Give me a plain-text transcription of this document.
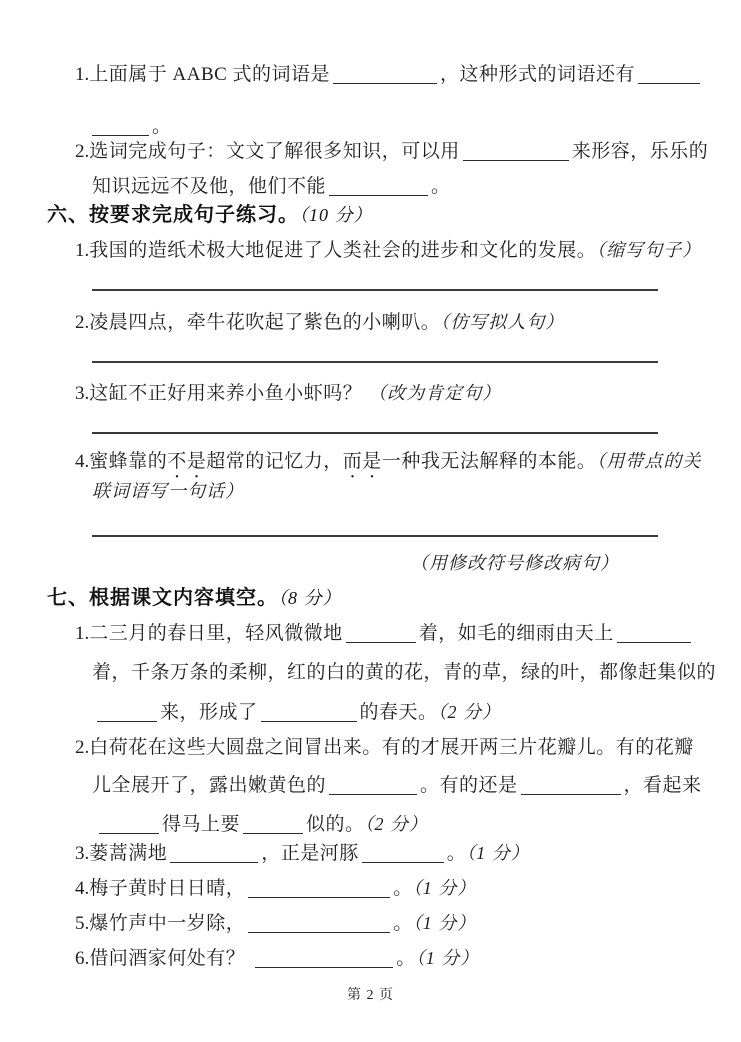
1.上面属于 AABC 式的词语是	，这种形式的词语还有
。
2.选词完成句子：文文了解很多知识，可以用	来形容，乐乐的
知识远远不及他，他们不能	。
六、按要求完成句子练习。（10 分）
1.我国的造纸术极大地促进了人类社会的进步和文化的发展。（缩写句子）
2.凌晨四点，牵牛花吹起了紫色的小喇叭。（仿写拟人句）
3.这缸不正好用来养小鱼小虾吗？ （改为肯定句）
4.蜜蜂靠的不是超常的记忆力，而是一种我无法解释的本能。（用带点的关
联词语写一句话）
（用修改符号修改病句）
七、根据课文内容填空。（8 分）
1.二三月的春日里，轻风微微地	着，如毛的细雨由天上
着，千条万条的柔柳，红的白的黄的花，青的草，绿的叶，都像赶集似的
来，形成了	的春天。（2 分）
2.白荷花在这些大圆盘之间冒出来。有的才展开两三片花瓣儿。有的花瓣
儿全展开了，露出嫩黄色的	。有的还是	，看起来
得马上要	似的。（2 分）
3.蒌蒿满地	，正是河豚	。（1 分）
4.梅子黄时日日晴，	。（1 分）
5.爆竹声中一岁除，	。（1 分）
6.借问酒家何处有？	。（1 分）
第 2 页
